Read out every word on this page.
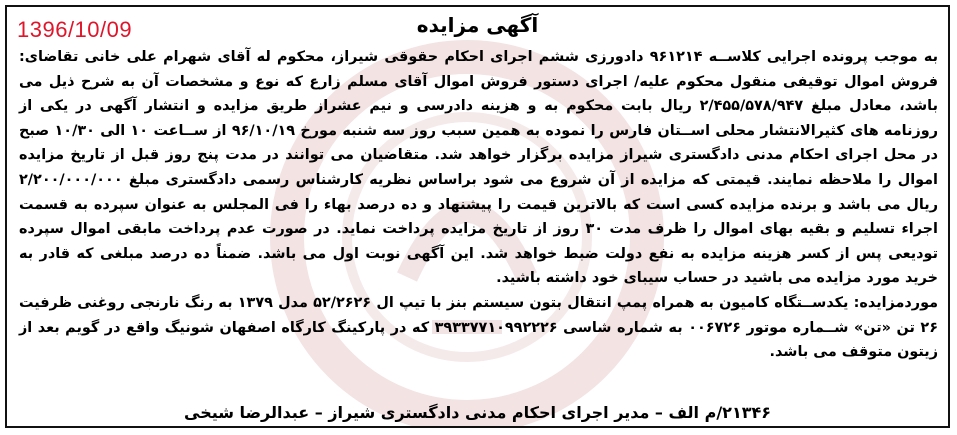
1396/10/09	آگهی مزایده

به موجب پرونده اجرایی کلاســه ۹۶۱۲۱۴ دادورزی ششم اجرای احکام حقوقی شیراز، محکوم له آقای شهرام علی خانی تقاضای: فروش اموال توقیفی منقول محکوم علیه/ اجرای دستور فروش اموال آقای مسلم زارع که نوع و مشخصات آن به شرح ذیل می باشد، معادل مبلغ ۲/۴۵۵/۵۷۸/۹۴۷ ریال بابت محکوم به و هزینه دادرسی و نیم عشراز طریق مزایده و انتشار آگهی در یکی از روزنامه های کثیرالانتشار محلی اســتان فارس را نموده به همین سبب روز سه شنبه مورخ ۹۶/۱۰/۱۹ از ســاعت ۱۰ الی ۱۰/۳۰ صبح در محل اجرای احکام مدنی دادگستری شیراز مزایده برگزار خواهد شد. متقاضیان می توانند در مدت پنج روز قبل از تاریخ مزایده اموال را ملاحظه نمایند. قیمتی که مزایده از آن شروع می شود براساس نظریه کارشناس رسمی دادگستری مبلغ ۲/۲۰۰/۰۰۰/۰۰۰ ریال می باشد و برنده مزایده کسی است که بالاترین قیمت را پیشنهاد و ده درصد بهاء را فی المجلس به عنوان سپرده به قسمت اجراء تسلیم و بقیه بهای اموال را ظرف مدت ۳۰ روز از تاریخ مزایده پرداخت نماید. در صورت عدم پرداخت مابقی اموال سپرده تودیعی پس از کسر هزینه مزایده به نفع دولت ضبط خواهد شد. این آگهی نوبت اول می باشد. ضمناً ده درصد مبلغی که قادر به خرید مورد مزایده می باشید در حساب سیبای خود داشته باشید.

موردمزایده: یکدســتگاه کامیون به همراه پمپ انتقال بتون سیستم بنز با تیپ ال ۵۲/۲۶۲۶ مدل ۱۳۷۹ به رنگ نارنجی روغنی ظرفیت ۲۶ تن «تن» شــماره موتور ۰۰۶۷۲۶ به شماره شاسی ۳۹۳۳۷۷۱۰۹۹۲۲۲۶ که در پارکینگ کارگاه اصفهان شونیگ واقع در گویم بعد از زیتون متوقف می باشد.

۲۱۳۴۶/م الف – مدیر اجرای احکام مدنی دادگستری شیراز – عبدالرضا شیخی
